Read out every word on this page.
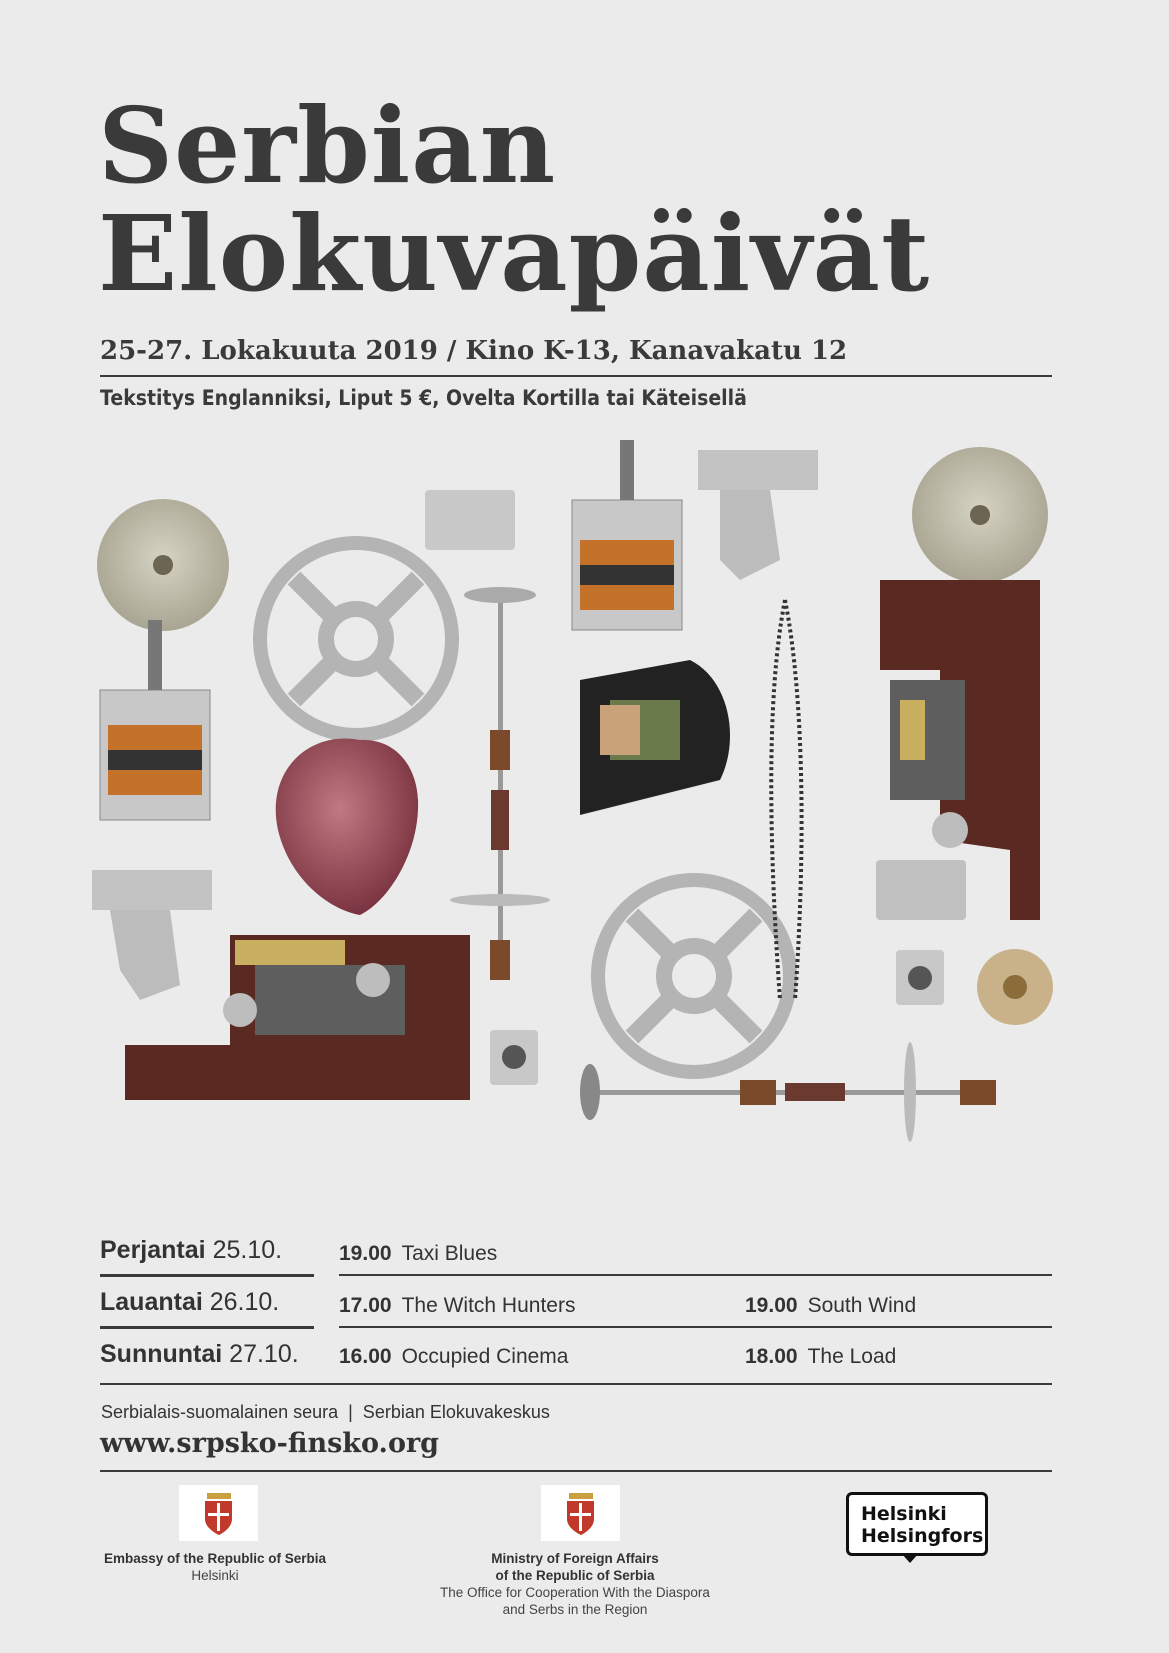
Serbian
Elokuvapäivät
25-27. Lokakuuta 2019 / Kino K-13, Kanavakatu 12
Tekstitys Englanniksi, Liput 5 €, Ovelta Kortilla tai Käteisellä
Perjantai 25.10.	19.00 Taxi Blues
Lauantai 26.10.	17.00 The Witch Hunters	19.00 South Wind
Sunnuntai 27.10. 16.00 Occupied Cinema	18.00 The Load
Serbialais-suomalainen seura  |  Serbian Elokuvakeskus
www.srpsko-finsko.org
Embassy of the Republic of Serbia
Helsinki
Ministry of Foreign Affairs
of the Republic of Serbia
The Office for Cooperation With the Diaspora
and Serbs in the Region
Helsinki
Helsingfors
